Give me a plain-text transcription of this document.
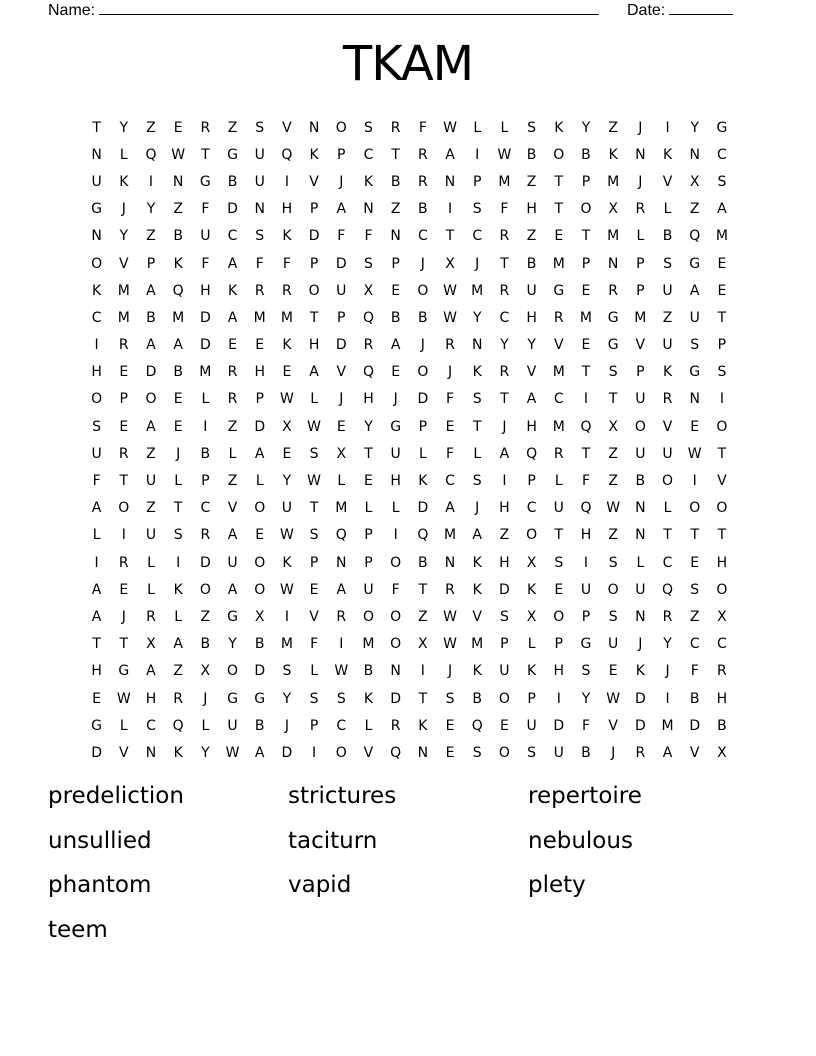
Name:	Date:
TKAM
T	Y	Z	E	R	Z	S	V	N	O	S	R	F	W	L	L	S	K	Y	Z	J	I	Y	G
N	L	Q	W	T	G	U	Q	K	P	C	T	R	A	I	W	B	O	B	K	N	K	N	C
U	K	I	N	G	B	U	I	V	J	K	B	R	N	P	M	Z	T	P	M	J	V	X	S
G	J	Y	Z	F	D	N	H	P	A	N	Z	B	I	S	F	H	T	O	X	R	L	Z	A
N	Y	Z	B	U	C	S	K	D	F	F	N	C	T	C	R	Z	E	T	M	L	B	Q	M
O	V	P	K	F	A	F	F	P	D	S	P	J	X	J	T	B	M	P	N	P	S	G	E
K	M	A	Q	H	K	R	R	O	U	X	E	O	W	M	R	U	G	E	R	P	U	A	E
C	M	B	M	D	A	M	M	T	P	Q	B	B	W	Y	C	H	R	M	G	M	Z	U	T
I	R	A	A	D	E	E	K	H	D	R	A	J	R	N	Y	Y	V	E	G	V	U	S	P
H	E	D	B	M	R	H	E	A	V	Q	E	O	J	K	R	V	M	T	S	P	K	G	S
O	P	O	E	L	R	P	W	L	J	H	J	D	F	S	T	A	C	I	T	U	R	N	I
S	E	A	E	I	Z	D	X	W	E	Y	G	P	E	T	J	H	M	Q	X	O	V	E	O
U	R	Z	J	B	L	A	E	S	X	T	U	L	F	L	A	Q	R	T	Z	U	U	W	T
F	T	U	L	P	Z	L	Y	W	L	E	H	K	C	S	I	P	L	F	Z	B	O	I	V
A	O	Z	T	C	V	O	U	T	M	L	L	D	A	J	H	C	U	Q	W	N	L	O	O
L	I	U	S	R	A	E	W	S	Q	P	I	Q	M	A	Z	O	T	H	Z	N	T	T	T
I	R	L	I	D	U	O	K	P	N	P	O	B	N	K	H	X	S	I	S	L	C	E	H
A	E	L	K	O	A	O	W	E	A	U	F	T	R	K	D	K	E	U	O	U	Q	S	O
A	J	R	L	Z	G	X	I	V	R	O	O	Z	W	V	S	X	O	P	S	N	R	Z	X
T	T	X	A	B	Y	B	M	F	I	M	O	X	W	M	P	L	P	G	U	J	Y	C	C
H	G	A	Z	X	O	D	S	L	W	B	N	I	J	K	U	K	H	S	E	K	J	F	R
E	W	H	R	J	G	G	Y	S	S	K	D	T	S	B	O	P	I	Y	W	D	I	B	H
G	L	C	Q	L	U	B	J	P	C	L	R	K	E	Q	E	U	D	F	V	D	M	D	B
D	V	N	K	Y	W	A	D	I	O	V	Q	N	E	S	O	S	U	B	J	R	A	V	X
predeliction	strictures	repertoire
unsullied	taciturn	nebulous
phantom	vapid	plety
teem
